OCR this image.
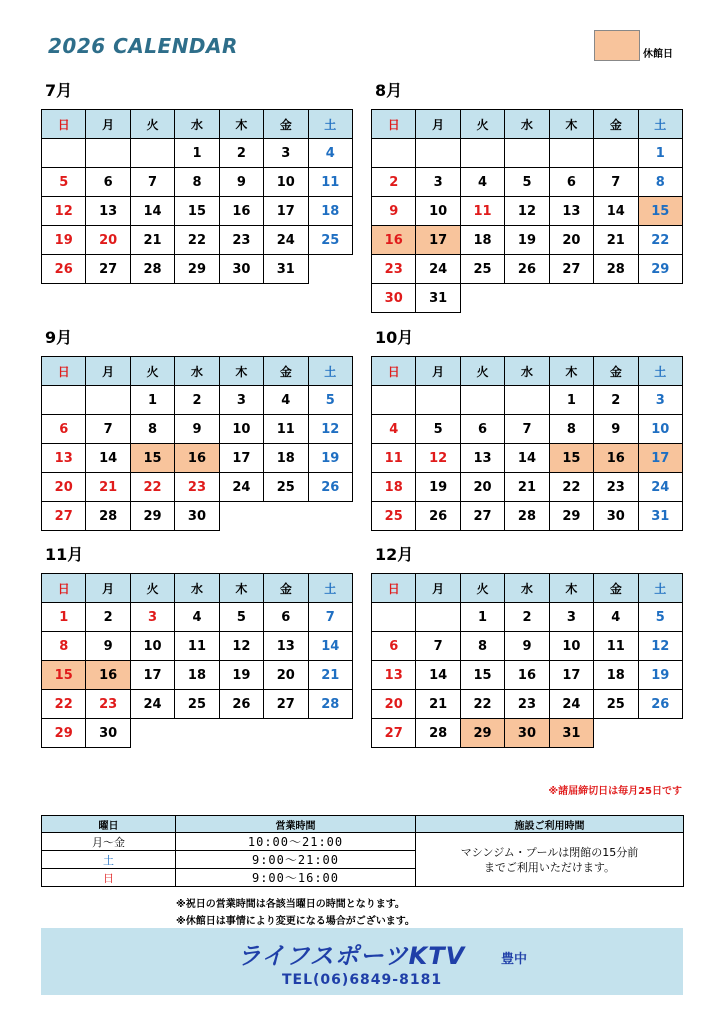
2026 CALENDAR	休館日
7月
日	月	火	水	木	金	土
			1	2	3	4
5	6	7	8	9	10	11
12	13	14	15	16	17	18
19	20	21	22	23	24	25
26	27	28	29	30	31	
8月
日	月	火	水	木	金	土
						1
2	3	4	5	6	7	8
9	10	11	12	13	14	15
16	17	18	19	20	21	22
23	24	25	26	27	28	29
30	31					
9月
日	月	火	水	木	金	土
		1	2	3	4	5
6	7	8	9	10	11	12
13	14	15	16	17	18	19
20	21	22	23	24	25	26
27	28	29	30			
10月
日	月	火	水	木	金	土
				1	2	3
4	5	6	7	8	9	10
11	12	13	14	15	16	17
18	19	20	21	22	23	24
25	26	27	28	29	30	31
11月
日	月	火	水	木	金	土
1	2	3	4	5	6	7
8	9	10	11	12	13	14
15	16	17	18	19	20	21
22	23	24	25	26	27	28
29	30					
12月
日	月	火	水	木	金	土
		1	2	3	4	5
6	7	8	9	10	11	12
13	14	15	16	17	18	19
20	21	22	23	24	25	26
27	28	29	30	31		
※諸届締切日は毎月25日です
曜日	営業時間	施設ご利用時間
月～金	10:00～21:00	マシンジム・プールは閉館の15分前
までご利用いただけます。

土	9:00～21:00	
日	9:00～16:00	
※祝日の営業時間は各該当曜日の時間となります。
※休館日は事情により変更になる場合がございます。
ライフスポーツKTV	豊中
TEL(06)6849-8181
